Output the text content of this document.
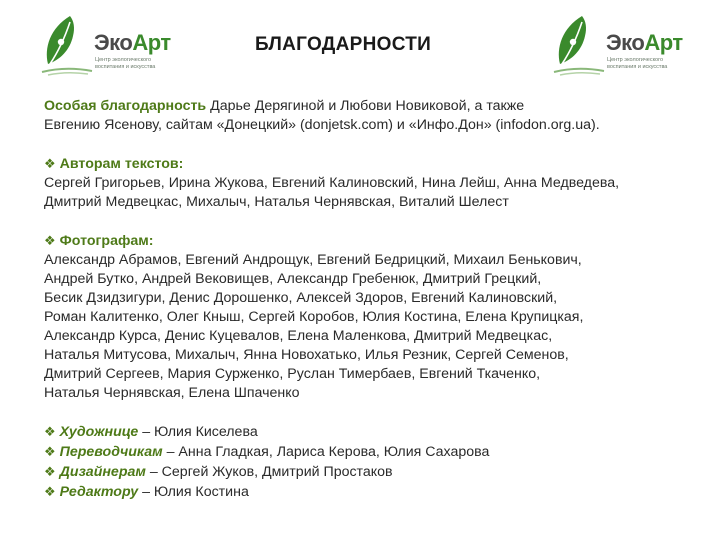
ЭкоАрт
Центр экологического
воспитания и искусства
БЛАГОДАРНОСТИ	ЭкоАрт
Центр экологического
воспитания и искусства

Особая благодарность Дарье Дерягиной и Любови Новиковой, а также

Евгению Ясенову, сайтам «Донецкий» (donjetsk.com) и «Инфо.Дон» (infodon.org.ua).

❖ Авторам текстов:

Сергей Григорьев, Ирина Жукова, Евгений Калиновский, Нина Лейш, Анна Медведева,

Дмитрий Медвецкас, Михалыч, Наталья Чернявская, Виталий Шелест

❖ Фотографам:

Александр Абрамов, Евгений Андрощук, Евгений Бедрицкий, Михаил Бенькович,

Андрей Бутко, Андрей Вековищев, Александр Гребенюк, Дмитрий Грецкий,

Бесик Дзидзигури, Денис Дорошенко, Алексей Здоров, Евгений Калиновский,

Роман Калитенко, Олег Кныш, Сергей Коробов, Юлия Костина, Елена Крупицкая,

Александр Курса, Денис Куцевалов, Елена Маленкова, Дмитрий Медвецкас,

Наталья Митусова, Михалыч, Янна Новохатько, Илья Резник, Сергей Семенов,

Дмитрий Сергеев, Мария Сурженко, Руслан Тимербаев, Евгений Ткаченко,

Наталья Чернявская, Елена Шпаченко

❖ Художнице – Юлия Киселева

❖ Переводчикам – Анна Гладкая, Лариса Керова, Юлия Сахарова

❖ Дизайнерам – Сергей Жуков, Дмитрий Простаков

❖ Редактору – Юлия Костина
